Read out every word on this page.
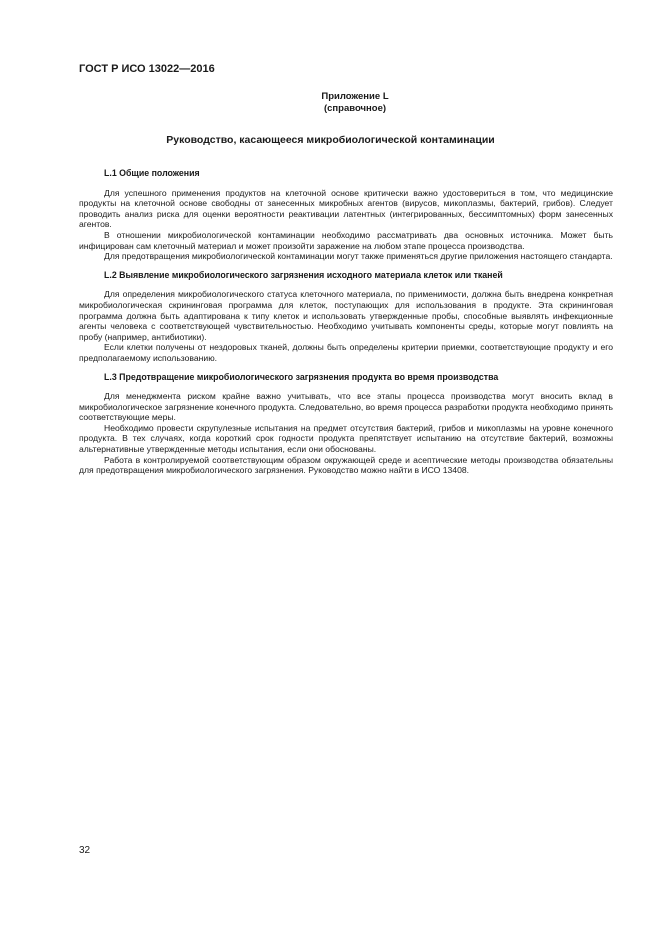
ГОСТ Р ИСО 13022—2016
Приложение L
(справочное)
Руководство, касающееся микробиологической контаминации
L.1 Общие положения

Для успешного применения продуктов на клеточной основе критически важно удостовериться в том, что медицинские продукты на клеточной основе свободны от занесенных микробных агентов (вирусов, микоплазмы, бактерий, грибов). Следует проводить анализ риска для оценки вероятности реактивации латентных (интегрированных, бессимптомных) форм занесенных агентов.

В отношении микробиологической контаминации необходимо рассматривать два основных источника. Может быть инфицирован сам клеточный материал и может произойти заражение на любом этапе процесса производства.

Для предотвращения микробиологической контаминации могут также применяться другие приложения настоящего стандарта.

L.2 Выявление микробиологического загрязнения исходного материала клеток или тканей

Для определения микробиологического статуса клеточного материала, по применимости, должна быть внедрена конкретная микробиологическая скрининговая программа для клеток, поступающих для использования в продукте. Эта скрининговая программа должна быть адаптирована к типу клеток и использовать утвержденные пробы, способные выявлять инфекционные агенты человека с соответствующей чувствительностью. Необходимо учитывать компоненты среды, которые могут повлиять на пробу (например, антибиотики).

Если клетки получены от нездоровых тканей, должны быть определены критерии приемки, соответствующие продукту и его предполагаемому использованию.

L.3 Предотвращение микробиологического загрязнения продукта во время производства

Для менеджмента риском крайне важно учитывать, что все этапы процесса производства могут вносить вклад в микробиологическое загрязнение конечного продукта. Следовательно, во время процесса разработки продукта необходимо принять соответствующие меры.

Необходимо провести скрупулезные испытания на предмет отсутствия бактерий, грибов и микоплазмы на уровне конечного продукта. В тех случаях, когда короткий срок годности продукта препятствует испытанию на отсутствие бактерий, возможны альтернативные утвержденные методы испытания, если они обоснованы.

Работа в контролируемой соответствующим образом окружающей среде и асептические методы производства обязательны для предотвращения микробиологического загрязнения. Руководство можно найти в ИСО 13408.

32
